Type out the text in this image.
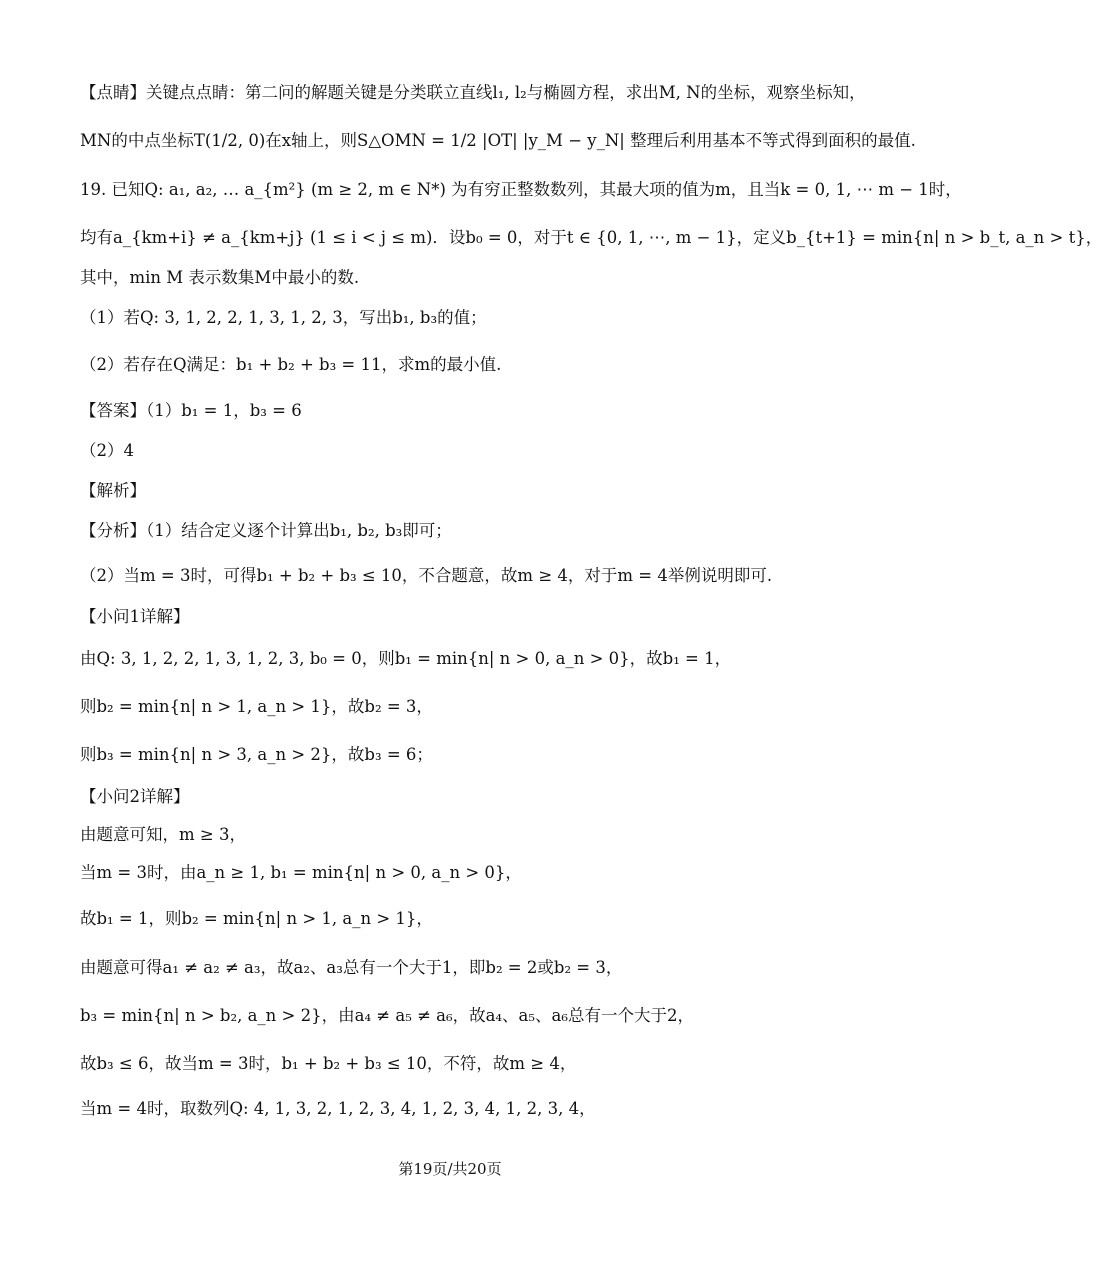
【点睛】关键点点睛：第二问的解题关键是分类联立直线l₁, l₂与椭圆方程，求出M, N的坐标，观察坐标知，
MN的中点坐标T(1/2, 0)在x轴上，则S△OMN = 1/2 |OT| |y_M − y_N| 整理后利用基本不等式得到面积的最值.
19. 已知Q: a₁, a₂, … a_{m²} (m ≥ 2, m ∈ N*) 为有穷正整数数列，其最大项的值为m，且当k = 0, 1, ⋯ m − 1时，
均有a_{km+i} ≠ a_{km+j} (1 ≤ i < j ≤ m)．设b₀ = 0，对于t ∈ {0, 1, ⋯, m − 1}，定义b_{t+1} = min{n| n > b_t, a_n > t}，
其中，min M 表示数集M中最小的数.
（1）若Q: 3, 1, 2, 2, 1, 3, 1, 2, 3，写出b₁, b₃的值；
（2）若存在Q满足：b₁ + b₂ + b₃ = 11，求m的最小值.
【答案】（1）b₁ = 1，b₃ = 6
（2）4
【解析】
【分析】（1）结合定义逐个计算出b₁, b₂, b₃即可；
（2）当m = 3时，可得b₁ + b₂ + b₃ ≤ 10，不合题意，故m ≥ 4，对于m = 4举例说明即可.
【小问1详解】
由Q: 3, 1, 2, 2, 1, 3, 1, 2, 3, b₀ = 0，则b₁ = min{n| n > 0, a_n > 0}，故b₁ = 1，
则b₂ = min{n| n > 1, a_n > 1}，故b₂ = 3，
则b₃ = min{n| n > 3, a_n > 2}，故b₃ = 6；
【小问2详解】
由题意可知，m ≥ 3，
当m = 3时，由a_n ≥ 1, b₁ = min{n| n > 0, a_n > 0}，
故b₁ = 1，则b₂ = min{n| n > 1, a_n > 1}，
由题意可得a₁ ≠ a₂ ≠ a₃，故a₂、a₃总有一个大于1，即b₂ = 2或b₂ = 3，
b₃ = min{n| n > b₂, a_n > 2}，由a₄ ≠ a₅ ≠ a₆，故a₄、a₅、a₆总有一个大于2，
故b₃ ≤ 6，故当m = 3时，b₁ + b₂ + b₃ ≤ 10，不符，故m ≥ 4，
当m = 4时，取数列Q: 4, 1, 3, 2, 1, 2, 3, 4, 1, 2, 3, 4, 1, 2, 3, 4，
第19页/共20页
